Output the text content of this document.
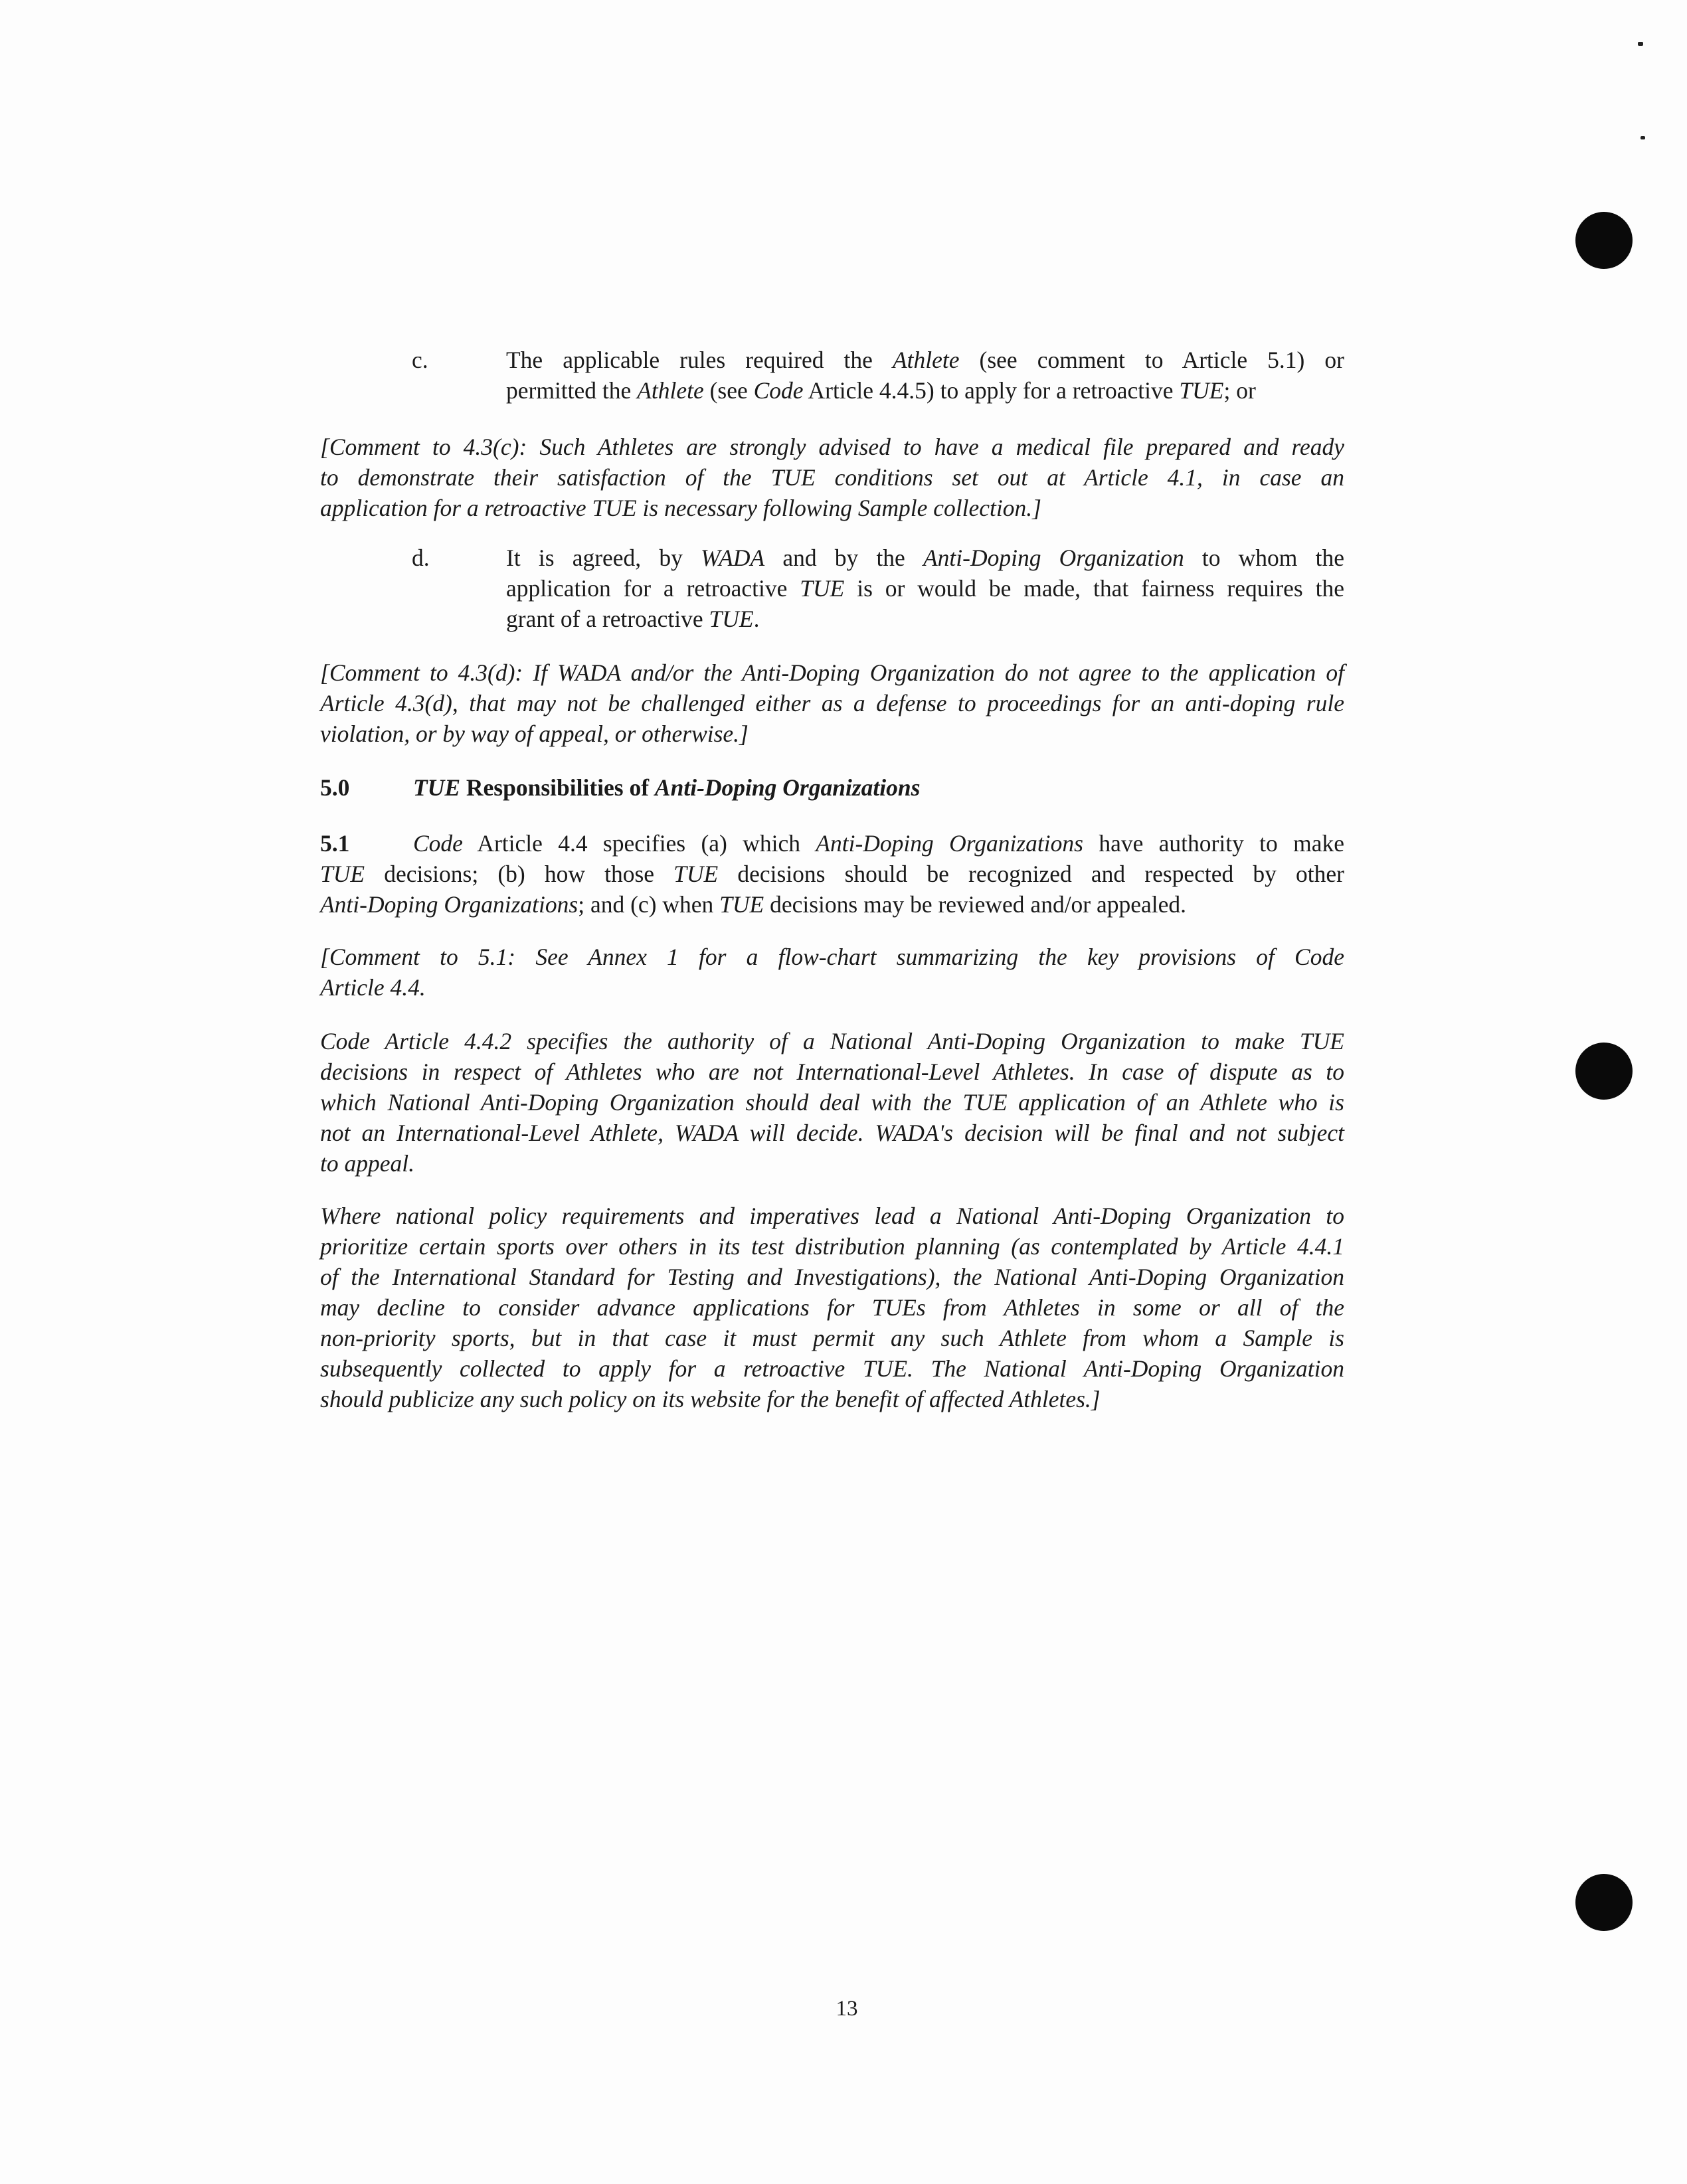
c.	The applicable rules required the Athlete (see comment to Article 5.1) or
permitted the Athlete (see Code Article 4.4.5) to apply for a retroactive TUE; or
[Comment to 4.3(c): Such Athletes are strongly advised to have a medical file prepared and ready
to demonstrate their satisfaction of the TUE conditions set out at Article 4.1, in case an
application for a retroactive TUE is necessary following Sample collection.]
d.	It is agreed, by WADA and by the Anti-Doping Organization to whom the
application for a retroactive TUE is or would be made, that fairness requires the
grant of a retroactive TUE.
[Comment to 4.3(d): If WADA and/or the Anti-Doping Organization do not agree to the application of
Article 4.3(d), that may not be challenged either as a defense to proceedings for an anti-doping rule
violation, or by way of appeal, or otherwise.]
5.0	TUE Responsibilities of Anti-Doping Organizations
5.1	Code Article 4.4 specifies (a) which Anti-Doping Organizations have authority to make
TUE decisions; (b) how those TUE decisions should be recognized and respected by other
Anti-Doping Organizations; and (c) when TUE decisions may be reviewed and/or appealed.
[Comment to 5.1: See Annex 1 for a flow-chart summarizing the key provisions of Code
Article 4.4.
Code Article 4.4.2 specifies the authority of a National Anti-Doping Organization to make TUE
decisions in respect of Athletes who are not International-Level Athletes. In case of dispute as to
which National Anti-Doping Organization should deal with the TUE application of an Athlete who is
not an International-Level Athlete, WADA will decide. WADA's decision will be final and not subject
to appeal.
Where national policy requirements and imperatives lead a National Anti-Doping Organization to
prioritize certain sports over others in its test distribution planning (as contemplated by Article 4.4.1
of the International Standard for Testing and Investigations), the National Anti-Doping Organization
may decline to consider advance applications for TUEs from Athletes in some or all of the
non-priority sports, but in that case it must permit any such Athlete from whom a Sample is
subsequently collected to apply for a retroactive TUE. The National Anti-Doping Organization
should publicize any such policy on its website for the benefit of affected Athletes.]
13
